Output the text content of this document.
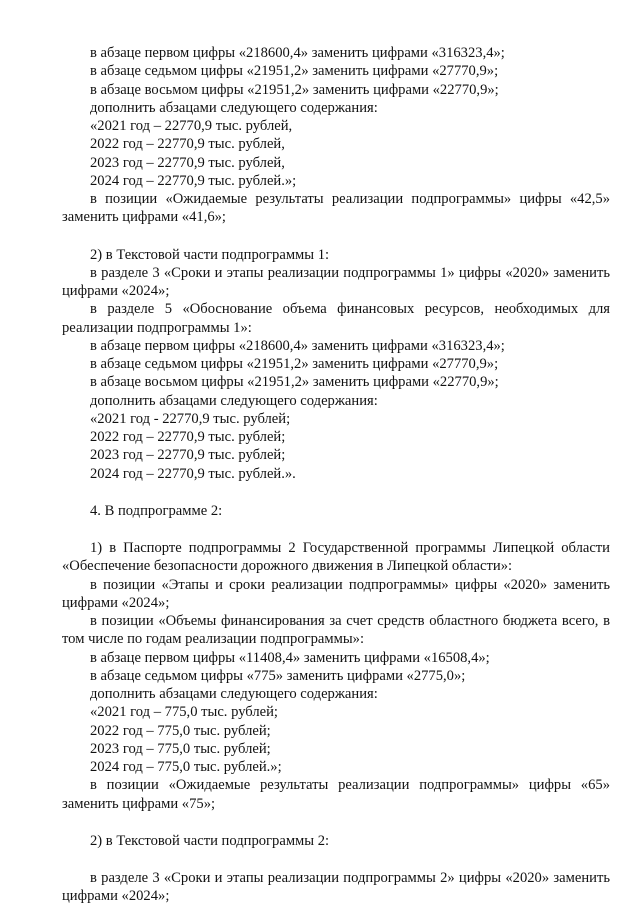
в абзаце первом цифры «218600,4» заменить цифрами «316323,4»;
в абзаце седьмом цифры «21951,2» заменить цифрами «27770,9»;
в абзаце восьмом цифры «21951,2» заменить цифрами «22770,9»;
дополнить абзацами следующего содержания:
«2021 год – 22770,9 тыс. рублей,
2022 год – 22770,9 тыс. рублей,
2023 год – 22770,9 тыс. рублей,
2024 год – 22770,9 тыс. рублей.»;
в позиции «Ожидаемые результаты реализации подпрограммы» цифры «42,5» заменить цифрами «41,6»;
2) в Текстовой части подпрограммы 1:
в разделе 3 «Сроки и этапы реализации подпрограммы 1» цифры «2020» заменить цифрами «2024»;
в разделе 5 «Обоснование объема финансовых ресурсов, необходимых для реализации подпрограммы 1»:
в абзаце первом цифры «218600,4» заменить цифрами «316323,4»;
в абзаце седьмом цифры «21951,2» заменить цифрами «27770,9»;
в абзаце восьмом цифры «21951,2» заменить цифрами «22770,9»;
дополнить абзацами следующего содержания:
«2021 год - 22770,9 тыс. рублей;
2022 год – 22770,9 тыс. рублей;
2023 год – 22770,9 тыс. рублей;
2024 год – 22770,9 тыс. рублей.».
4. В подпрограмме 2:
1) в Паспорте подпрограммы 2 Государственной программы Липецкой области «Обеспечение безопасности дорожного движения в Липецкой области»:
в позиции «Этапы и сроки реализации подпрограммы» цифры «2020» заменить цифрами «2024»;
в позиции «Объемы финансирования за счет средств областного бюджета всего, в том числе по годам реализации подпрограммы»:
в абзаце первом цифры «11408,4» заменить цифрами «16508,4»;
в абзаце седьмом цифры «775» заменить цифрами «2775,0»;
дополнить абзацами следующего содержания:
«2021 год – 775,0 тыс. рублей;
2022 год – 775,0 тыс. рублей;
2023 год – 775,0 тыс. рублей;
2024 год – 775,0 тыс. рублей.»;
в позиции «Ожидаемые результаты реализации подпрограммы» цифры «65» заменить цифрами «75»;
2) в Текстовой части подпрограммы 2:
в разделе 3 «Сроки и этапы реализации подпрограммы 2» цифры «2020» заменить цифрами «2024»;
